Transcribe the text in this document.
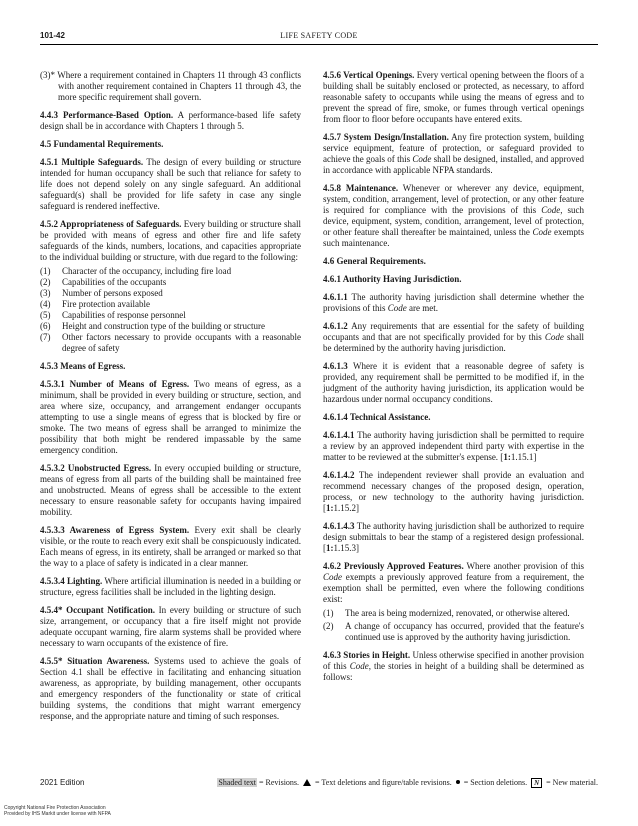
101-42	LIFE SAFETY CODE

(3)* Where a requirement contained in Chapters 11 through 43 conflicts with another requirement contained in Chapters 11 through 43, the more specific requirement shall govern.

4.4.3 Performance-Based Option. A performance-based life safety design shall be in accordance with Chapters 1 through 5.

4.5 Fundamental Requirements.

4.5.1 Multiple Safeguards. The design of every building or structure intended for human occupancy shall be such that reliance for safety to life does not depend solely on any single safeguard. An additional safeguard(s) shall be provided for life safety in case any single safeguard is rendered ineffective.

4.5.2 Appropriateness of Safeguards. Every building or structure shall be provided with means of egress and other fire and life safety safeguards of the kinds, numbers, locations, and capacities appropriate to the individual building or structure, with due regard to the following:

(1) Character of the occupancy, including fire load
(2) Capabilities of the occupants
(3) Number of persons exposed
(4) Fire protection available
(5) Capabilities of response personnel
(6) Height and construction type of the building or structure
(7) Other factors necessary to provide occupants with a reasonable degree of safety

4.5.3 Means of Egress.

4.5.3.1 Number of Means of Egress. Two means of egress, as a minimum, shall be provided in every building or structure, section, and area where size, occupancy, and arrangement endanger occupants attempting to use a single means of egress that is blocked by fire or smoke. The two means of egress shall be arranged to minimize the possibility that both might be rendered impassable by the same emergency condition.

4.5.3.2 Unobstructed Egress. In every occupied building or structure, means of egress from all parts of the building shall be maintained free and unobstructed. Means of egress shall be accessible to the extent necessary to ensure reasonable safety for occupants having impaired mobility.

4.5.3.3 Awareness of Egress System. Every exit shall be clearly visible, or the route to reach every exit shall be conspicuously indicated. Each means of egress, in its entirety, shall be arranged or marked so that the way to a place of safety is indicated in a clear manner.

4.5.3.4 Lighting. Where artificial illumination is needed in a building or structure, egress facilities shall be included in the lighting design.

4.5.4* Occupant Notification. In every building or structure of such size, arrangement, or occupancy that a fire itself might not provide adequate occupant warning, fire alarm systems shall be provided where necessary to warn occupants of the existence of fire.

4.5.5* Situation Awareness. Systems used to achieve the goals of Section 4.1 shall be effective in facilitating and enhancing situation awareness, as appropriate, by building management, other occupants and emergency responders of the functionality or state of critical building systems, the conditions that might warrant emergency response, and the appropriate nature and timing of such responses.

4.5.6 Vertical Openings. Every vertical opening between the floors of a building shall be suitably enclosed or protected, as necessary, to afford reasonable safety to occupants while using the means of egress and to prevent the spread of fire, smoke, or fumes through vertical openings from floor to floor before occupants have entered exits.

4.5.7 System Design/Installation. Any fire protection system, building service equipment, feature of protection, or safeguard provided to achieve the goals of this Code shall be designed, installed, and approved in accordance with applicable NFPA standards.

4.5.8 Maintenance. Whenever or wherever any device, equipment, system, condition, arrangement, level of protection, or any other feature is required for compliance with the provisions of this Code, such device, equipment, system, condition, arrangement, level of protection, or other feature shall thereafter be maintained, unless the Code exempts such maintenance.

4.6 General Requirements.

4.6.1 Authority Having Jurisdiction.

4.6.1.1 The authority having jurisdiction shall determine whether the provisions of this Code are met.

4.6.1.2 Any requirements that are essential for the safety of building occupants and that are not specifically provided for by this Code shall be determined by the authority having jurisdiction.

4.6.1.3 Where it is evident that a reasonable degree of safety is provided, any requirement shall be permitted to be modified if, in the judgment of the authority having jurisdiction, its application would be hazardous under normal occupancy conditions.

4.6.1.4 Technical Assistance.

4.6.1.4.1 The authority having jurisdiction shall be permitted to require a review by an approved independent third party with expertise in the matter to be reviewed at the submitter's expense. [1:1.15.1]

4.6.1.4.2 The independent reviewer shall provide an evaluation and recommend necessary changes of the proposed design, operation, process, or new technology to the authority having jurisdiction. [1:1.15.2]

4.6.1.4.3 The authority having jurisdiction shall be authorized to require design submittals to bear the stamp of a registered design professional. [1:1.15.3]

4.6.2 Previously Approved Features. Where another provision of this Code exempts a previously approved feature from a requirement, the exemption shall be permitted, even where the following conditions exist:

(1) The area is being modernized, renovated, or otherwise altered.
(2) A change of occupancy has occurred, provided that the feature's continued use is approved by the authority having jurisdiction.

4.6.3 Stories in Height. Unless otherwise specified in another provision of this Code, the stories in height of a building shall be determined as follows:

2021 Edition	Shaded text = Revisions.  = Text deletions and figure/table revisions.  = Section deletions. N = New material.
Copyright National Fire Protection Association
Provided by IHS Markit under license with NFPA
